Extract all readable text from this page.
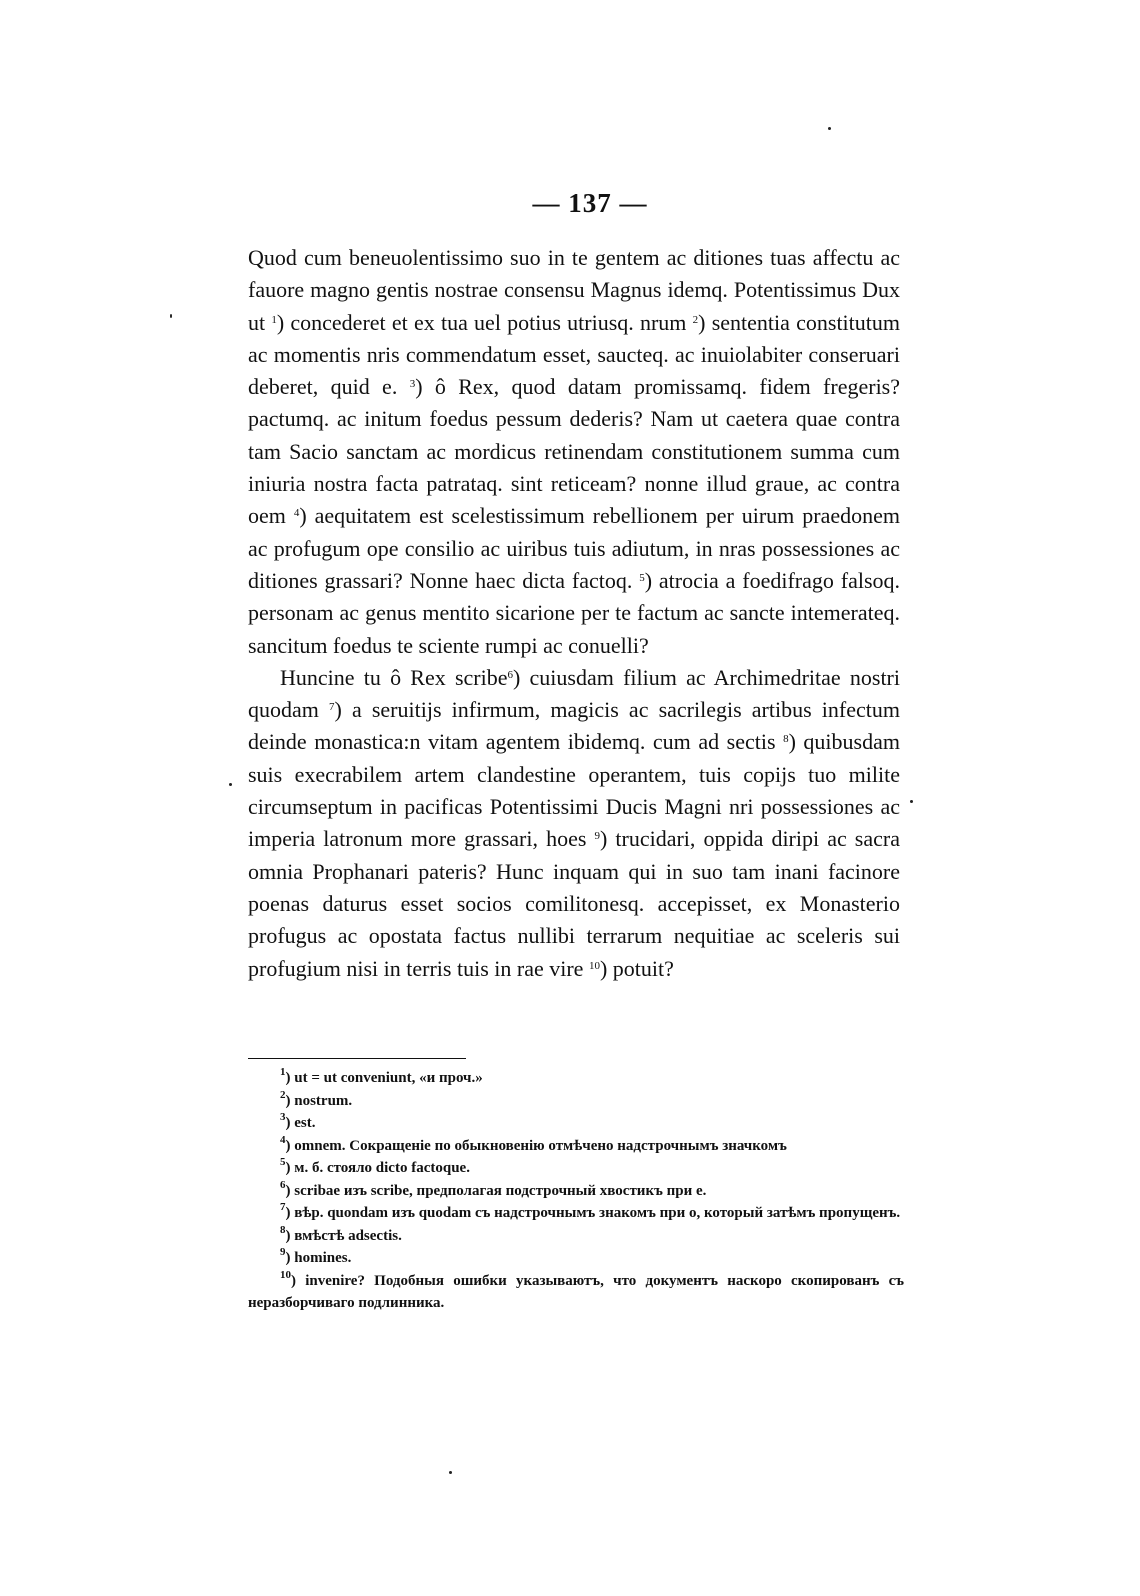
— 137 —

Quod cum beneuolentissimo suo in te gentem ac ditiones tuas affectu ac fauore magno gentis nostrae consensu Magnus idemq. Potentissimus Dux ut $^1$) concederet et ex tua uel potius utriusq. nrum $^2$) sententia constitutum ac momentis nris commendatum esset, saucteq. ac inuiolabiter conseruari deberet, quid e. $^3$) ô Rex, quod datam promissamq. fidem fregeris? pactumq. ac initum foedus pessum dederis? Nam ut caetera quae contra tam Sacio sanctam ac mordicus retinendam constitutionem summa cum iniuria nostra facta patrataq. sint reticeam? nonne illud graue, ac contra oem $^4$) aequitatem est scelestissimum rebellionem per uirum praedonem ac profugum ope consilio ac uiribus tuis adiutum, in nras possessiones ac ditiones grassari? Nonne haec dicta factoq. $^5$) atrocia a foedifrago falsoq. personam ac genus mentito sicarione per te factum ac sancte intemerateq. sancitum foedus te sciente rumpi ac conuelli?

Huncine tu ô Rex scribe$^6$) cuiusdam filium ac Archimedritae nostri quodam $^7$) a seruitijs infirmum, magicis ac sacrilegis artibus infectum deinde monastica:n vitam agentem ibidemq. cum ad sectis $^8$) quibusdam suis execrabilem artem clandestine operantem, tuis copijs tuo milite circumseptum in pacificas Potentissimi Ducis Magni nri possessiones ac imperia latronum more grassari, hoes $^9$) trucidari, oppida diripi ac sacra omnia Prophanari pateris? Hunc inquam qui in suo tam inani facinore poenas daturus esset socios comilitonesq. accepisset, ex Monasterio profugus ac opostata factus nullibi terrarum nequitiae ac sceleris sui profugium nisi in terris tuis in rae vire $^{10}$) potuit?

$^1$) ut = ut conveniunt, «и проч.»
$^2$) nostrum.
$^3$) est.
$^4$) omnem. Сокращеніе по обыкновенію отмѣчено надстрочнымъ значкомъ
$^5$) м. б. стояло dicto factoque.
$^6$) scribae изъ scribe, предполагая подстрочный хвостикъ при е.
$^7$) вѣр. quondam изъ quodam съ надстрочнымъ знакомъ при о, который затѣмъ пропущенъ.
$^8$) вмѣстѣ adsectis.
$^9$) homines.
$^{10}$) invenire? Подобныя ошибки указываютъ, что документъ наскоро скопированъ съ неразборчиваго подлинника.
